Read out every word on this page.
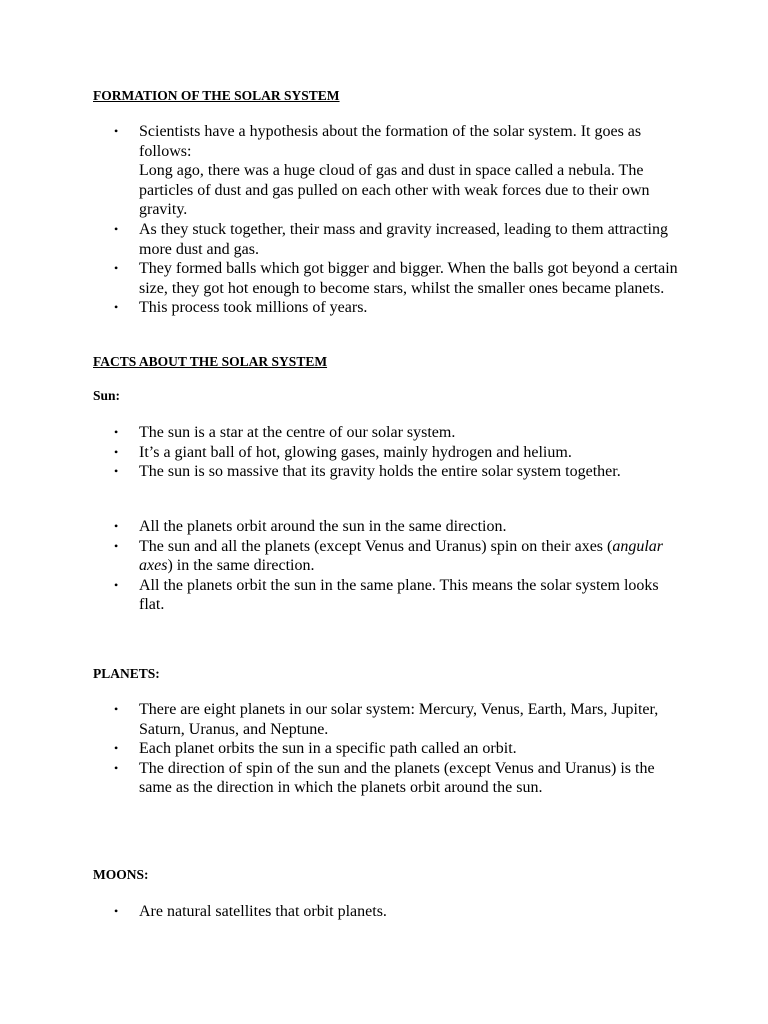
FORMATION OF THE SOLAR SYSTEM
• Scientists have a hypothesis about the formation of the solar system. It goes as follows:
Long ago, there was a huge cloud of gas and dust in space called a nebula. The particles of dust and gas pulled on each other with weak forces due to their own gravity.
• As they stuck together, their mass and gravity increased, leading to them attracting more dust and gas.
• They formed balls which got bigger and bigger. When the balls got beyond a certain size, they got hot enough to become stars, whilst the smaller ones became planets.
• This process took millions of years.
FACTS ABOUT THE SOLAR SYSTEM
Sun:
• The sun is a star at the centre of our solar system.
• It’s a giant ball of hot, glowing gases, mainly hydrogen and helium.
• The sun is so massive that its gravity holds the entire solar system together.
• All the planets orbit around the sun in the same direction.
• The sun and all the planets (except Venus and Uranus) spin on their axes (angular axes) in the same direction.
• All the planets orbit the sun in the same plane. This means the solar system looks flat.
PLANETS:
• There are eight planets in our solar system: Mercury, Venus, Earth, Mars, Jupiter, Saturn, Uranus, and Neptune.
• Each planet orbits the sun in a specific path called an orbit.
• The direction of spin of the sun and the planets (except Venus and Uranus) is the same as the direction in which the planets orbit around the sun.
MOONS:
• Are natural satellites that orbit planets.
